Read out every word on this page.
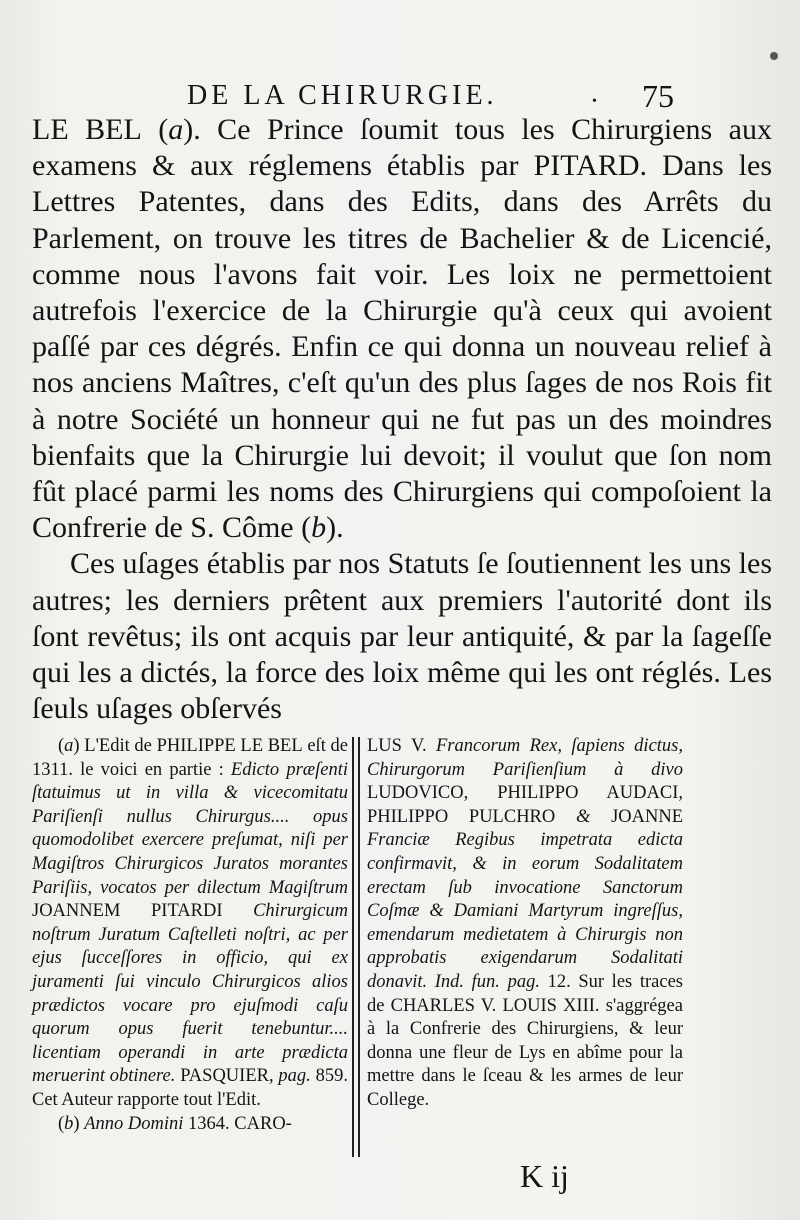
DE LA CHIRURGIE.	• 75

LE BEL (a). Ce Prince ſoumit tous les Chirurgiens aux examens & aux réglemens établis par PITARD. Dans les Lettres Patentes, dans des Edits, dans des Arrêts du Parlement, on trouve les titres de Bachelier & de Licencié, comme nous l'avons fait voir. Les loix ne permettoient autrefois l'exercice de la Chirurgie qu'à ceux qui avoient paſſé par ces dégrés. Enfin ce qui donna un nouveau relief à nos anciens Maîtres, c'eſt qu'un des plus ſages de nos Rois fit à notre Société un honneur qui ne fut pas un des moindres bienfaits que la Chirurgie lui devoit; il voulut que ſon nom fût placé parmi les noms des Chirurgiens qui compoſoient la Confrerie de S. Côme (b).

Ces uſages établis par nos Statuts ſe ſoutiennent les uns les autres; les derniers prêtent aux premiers l'autorité dont ils ſont revêtus; ils ont acquis par leur antiquité, & par la ſageſſe qui les a dictés, la force des loix même qui les ont réglés. Les ſeuls uſages obſervés

(a) L'Edit de PHILIPPE LE BEL eſt de 1311. le voici en partie : Edicto præſenti ſtatuimus ut in villa & vicecomitatu Pariſienſi nullus Chirurgus.... opus quomodolibet exercere preſumat, niſi per Magiſtros Chirurgicos Juratos morantes Pariſiis, vocatos per dilectum Magiſtrum JOANNEM PITARDI Chirurgicum noſtrum Juratum Caſtelleti noſtri, ac per ejus ſucceſſores in officio, qui ex juramenti ſui vinculo Chirurgicos alios prædictos vocare pro ejuſmodi caſu quorum opus fuerit tenebuntur.... licentiam operandi in arte prædicta meruerint obtinere. PASQUIER, pag. 859. Cet Auteur rapporte tout l'Edit.

(b) Anno Domini 1364. CARO-

LUS V. Francorum Rex, ſapiens dictus, Chirurgorum Pariſienſium à divo LUDOVICO, PHILIPPO AUDACI, PHILIPPO PULCHRO & JOANNE Franciæ Regibus impetrata edicta confirmavit, & in eorum Sodalitatem erectam ſub invocatione Sanctorum Coſmæ & Damiani Martyrum ingreſſus, emendarum medietatem à Chirurgis non approbatis exigendarum Sodalitati donavit. Ind. fun. pag. 12. Sur les traces de CHARLES V. LOUIS XIII. s'aggrégea à la Confrerie des Chirurgiens, & leur donna une fleur de Lys en abîme pour la mettre dans le ſceau & les armes de leur College.

K ij
